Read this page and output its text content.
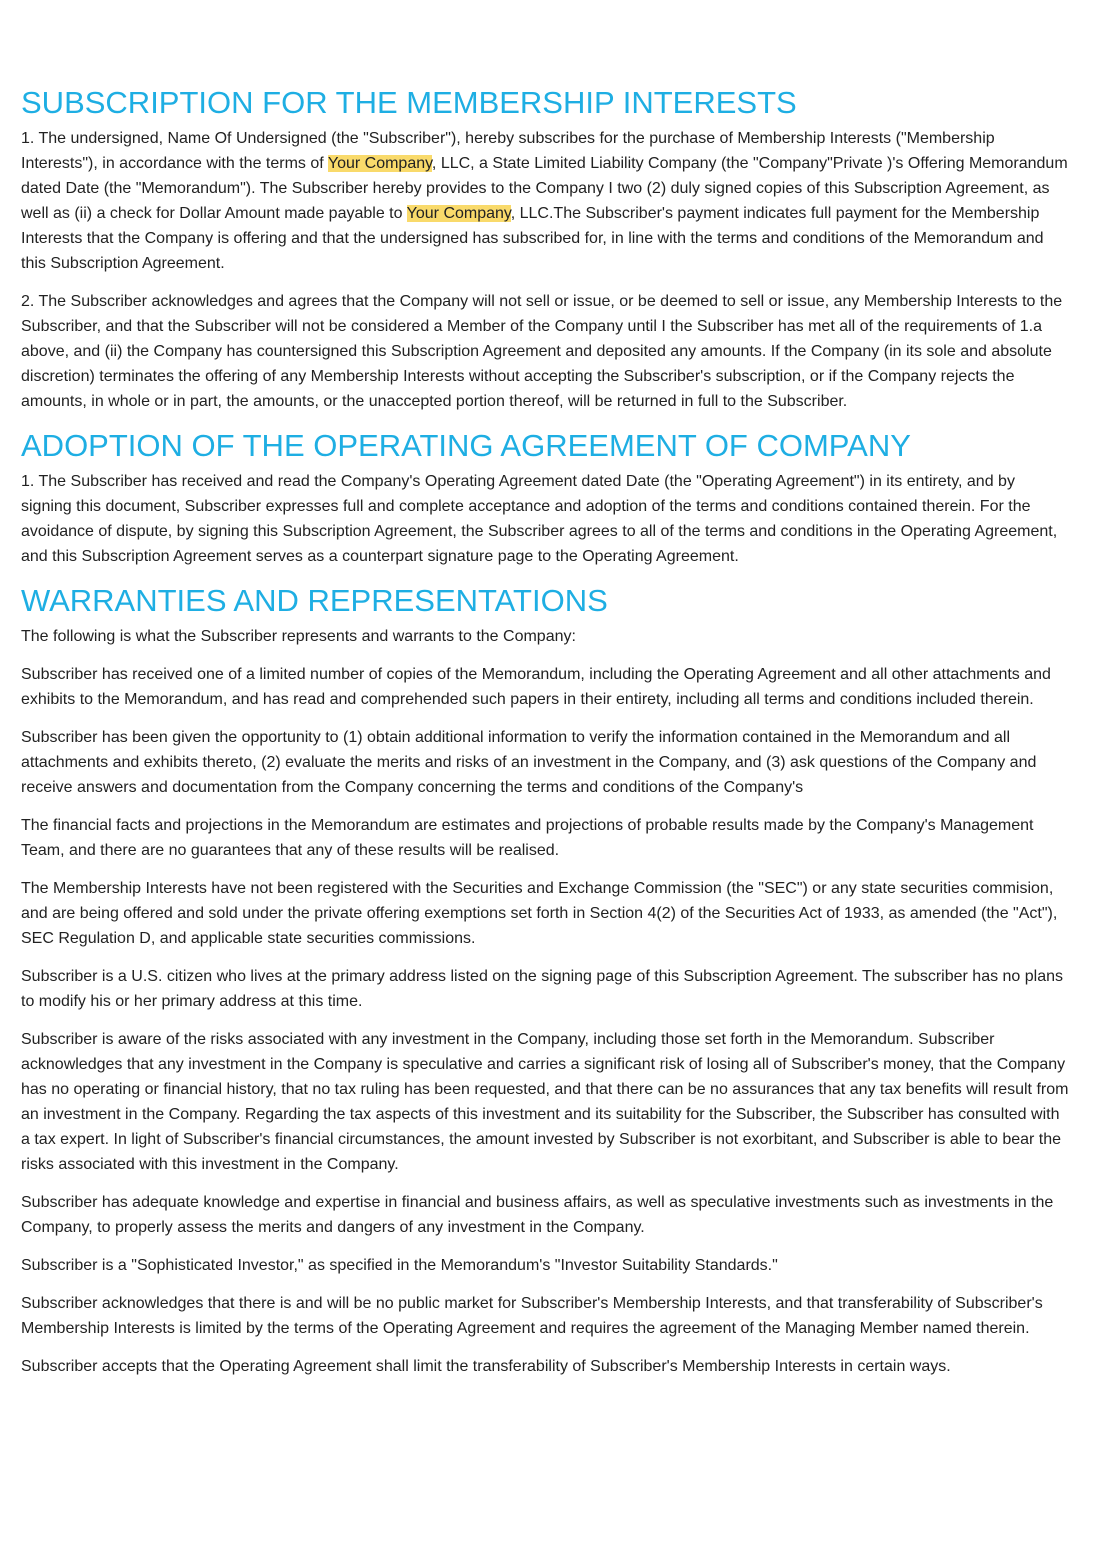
SUBSCRIPTION FOR THE MEMBERSHIP INTERESTS

1. The undersigned, Name Of Undersigned (the "Subscriber"), hereby subscribes for the purchase of Membership Interests ("Membership Interests"), in accordance with the terms of Your Company, LLC, a State Limited Liability Company (the "Company"Private )'s Offering Memorandum dated Date (the "Memorandum"). The Subscriber hereby provides to the Company I two (2) duly signed copies of this Subscription Agreement, as well as (ii) a check for Dollar Amount made payable to Your Company, LLC.The Subscriber's payment indicates full payment for the Membership Interests that the Company is offering and that the undersigned has subscribed for, in line with the terms and conditions of the Memorandum and this Subscription Agreement.

2. The Subscriber acknowledges and agrees that the Company will not sell or issue, or be deemed to sell or issue, any Membership Interests to the Subscriber, and that the Subscriber will not be considered a Member of the Company until I the Subscriber has met all of the requirements of 1.a above, and (ii) the Company has countersigned this Subscription Agreement and deposited any amounts. If the Company (in its sole and absolute discretion) terminates the offering of any Membership Interests without accepting the Subscriber's subscription, or if the Company rejects the amounts, in whole or in part, the amounts, or the unaccepted portion thereof, will be returned in full to the Subscriber.

ADOPTION OF THE OPERATING AGREEMENT OF COMPANY

1. The Subscriber has received and read the Company's Operating Agreement dated Date (the "Operating Agreement") in its entirety, and by signing this document, Subscriber expresses full and complete acceptance and adoption of the terms and conditions contained therein. For the avoidance of dispute, by signing this Subscription Agreement, the Subscriber agrees to all of the terms and conditions in the Operating Agreement, and this Subscription Agreement serves as a counterpart signature page to the Operating Agreement.

WARRANTIES AND REPRESENTATIONS

The following is what the Subscriber represents and warrants to the Company:

Subscriber has received one of a limited number of copies of the Memorandum, including the Operating Agreement and all other attachments and exhibits to the Memorandum, and has read and comprehended such papers in their entirety, including all terms and conditions included therein.

Subscriber has been given the opportunity to (1) obtain additional information to verify the information contained in the Memorandum and all attachments and exhibits thereto, (2) evaluate the merits and risks of an investment in the Company, and (3) ask questions of the Company and receive answers and documentation from the Company concerning the terms and conditions of the Company's

The financial facts and projections in the Memorandum are estimates and projections of probable results made by the Company's Management Team, and there are no guarantees that any of these results will be realised.

The Membership Interests have not been registered with the Securities and Exchange Commission (the "SEC") or any state securities commision, and are being offered and sold under the private offering exemptions set forth in Section 4(2) of the Securities Act of 1933, as amended (the "Act"), SEC Regulation D, and applicable state securities commissions.

Subscriber is a U.S. citizen who lives at the primary address listed on the signing page of this Subscription Agreement. The subscriber has no plans to modify his or her primary address at this time.

Subscriber is aware of the risks associated with any investment in the Company, including those set forth in the Memorandum. Subscriber acknowledges that any investment in the Company is speculative and carries a significant risk of losing all of Subscriber's money, that the Company has no operating or financial history, that no tax ruling has been requested, and that there can be no assurances that any tax benefits will result from an investment in the Company. Regarding the tax aspects of this investment and its suitability for the Subscriber, the Subscriber has consulted with a tax expert. In light of Subscriber's financial circumstances, the amount invested by Subscriber is not exorbitant, and Subscriber is able to bear the risks associated with this investment in the Company.

Subscriber has adequate knowledge and expertise in financial and business affairs, as well as speculative investments such as investments in the Company, to properly assess the merits and dangers of any investment in the Company.

Subscriber is a "Sophisticated Investor," as specified in the Memorandum's "Investor Suitability Standards."

Subscriber acknowledges that there is and will be no public market for Subscriber's Membership Interests, and that transferability of Subscriber's Membership Interests is limited by the terms of the Operating Agreement and requires the agreement of the Managing Member named therein.

Subscriber accepts that the Operating Agreement shall limit the transferability of Subscriber's Membership Interests in certain ways.
